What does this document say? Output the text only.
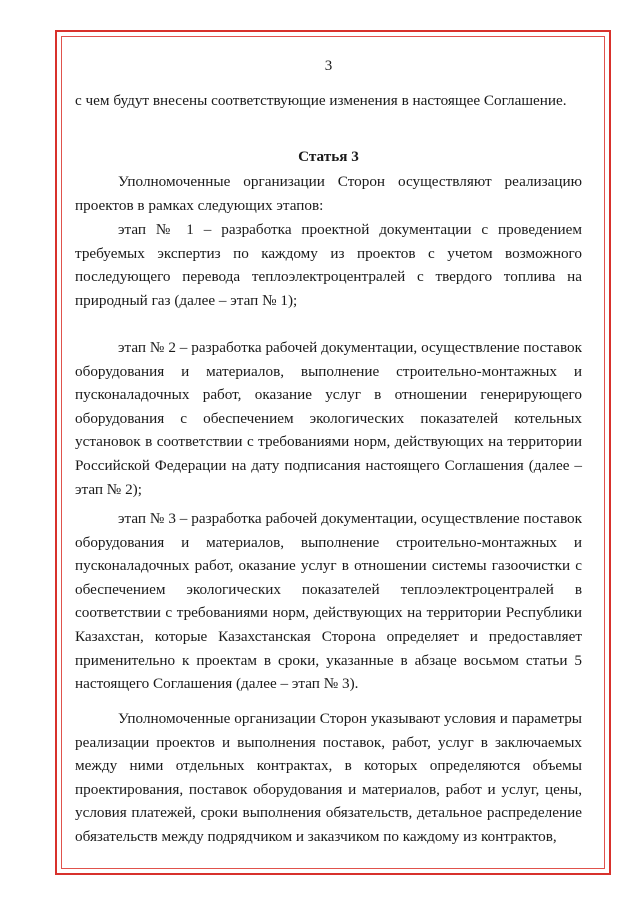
3
с чем будут внесены соответствующие изменения в настоящее Соглашение.
Статья 3
Уполномоченные организации Сторон осуществляют реализацию проектов в рамках следующих этапов:
этап № 1 – разработка проектной документации с проведением требуемых экспертиз по каждому из проектов с учетом возможного последующего перевода теплоэлектроцентралей с твердого топлива на природный газ (далее – этап № 1);
этап № 2 – разработка рабочей документации, осуществление поставок оборудования и материалов, выполнение строительно-монтажных и пусконаладочных работ, оказание услуг в отношении генерирующего оборудования с обеспечением экологических показателей котельных установок в соответствии с требованиями норм, действующих на территории Российской Федерации на дату подписания настоящего Соглашения (далее – этап № 2);
этап № 3 – разработка рабочей документации, осуществление поставок оборудования и материалов, выполнение строительно-монтажных и пусконаладочных работ, оказание услуг в отношении системы газоочистки с обеспечением экологических показателей теплоэлектроцентралей в соответствии с требованиями норм, действующих на территории Республики Казахстан, которые Казахстанская Сторона определяет и предоставляет применительно к проектам в сроки, указанные в абзаце восьмом статьи 5 настоящего Соглашения (далее – этап № 3).
Уполномоченные организации Сторон указывают условия и параметры реализации проектов и выполнения поставок, работ, услуг в заключаемых между ними отдельных контрактах, в которых определяются объемы проектирования, поставок оборудования и материалов, работ и услуг, цены, условия платежей, сроки выполнения обязательств, детальное распределение обязательств между подрядчиком и заказчиком по каждому из контрактов,
